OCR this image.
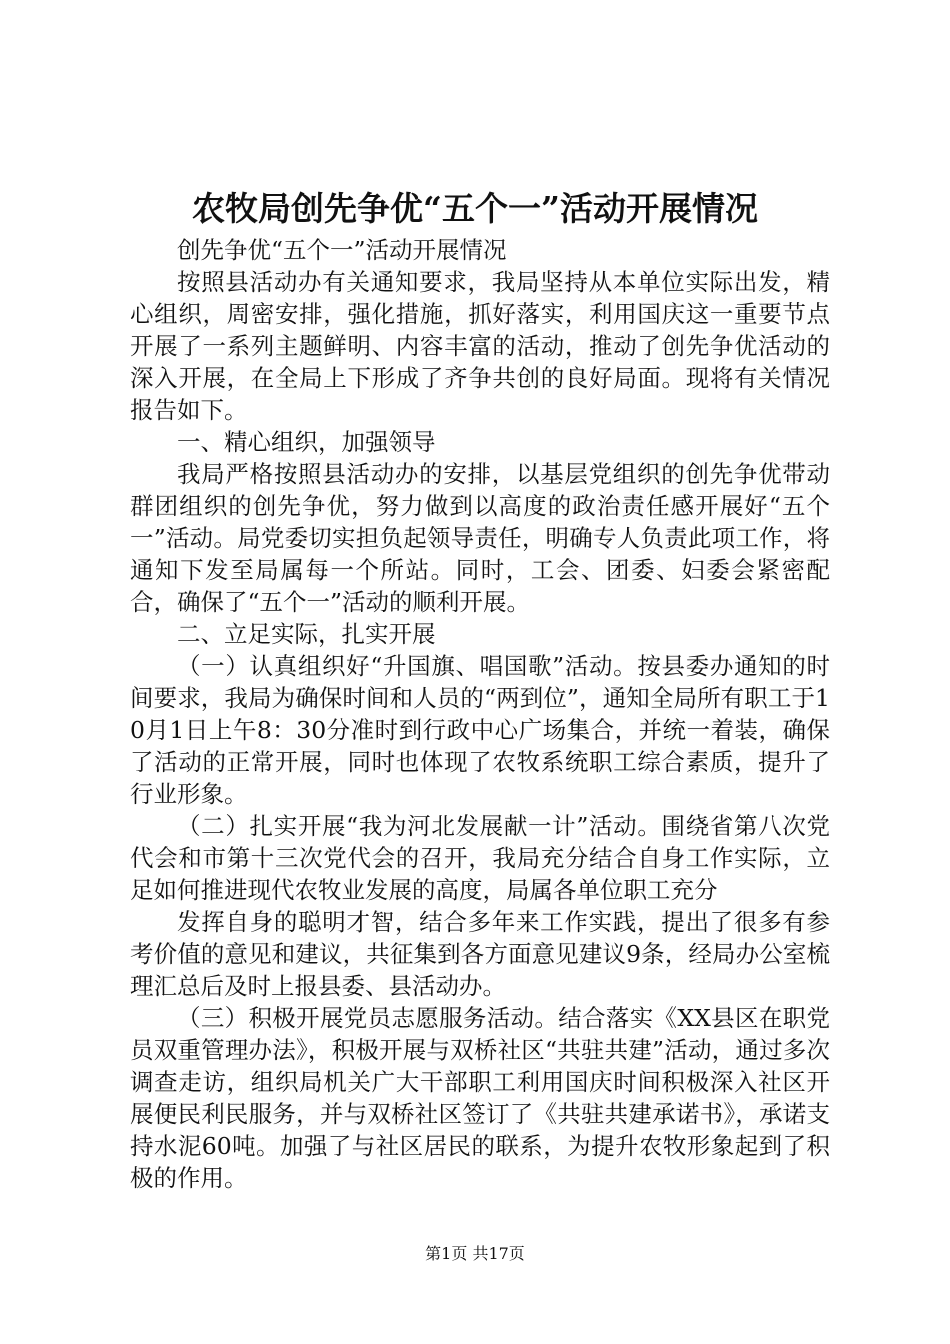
农牧局创先争优“五个一”活动开展情况

创先争优“五个一”活动开展情况

按照县活动办有关通知要求，我局坚持从本单位实际出发，精心组织，周密安排，强化措施，抓好落实，利用国庆这一重要节点开展了一系列主题鲜明、内容丰富的活动，推动了创先争优活动的深入开展，在全局上下形成了齐争共创的良好局面。现将有关情况报告如下。

一、精心组织，加强领导

我局严格按照县活动办的安排，以基层党组织的创先争优带动群团组织的创先争优，努力做到以高度的政治责任感开展好“五个一”活动。局党委切实担负起领导责任，明确专人负责此项工作，将通知下发至局属每一个所站。同时，工会、团委、妇委会紧密配合，确保了“五个一”活动的顺利开展。

二、立足实际，扎实开展

（一）认真组织好“升国旗、唱国歌”活动。按县委办通知的时间要求，我局为确保时间和人员的“两到位”，通知全局所有职工于10月1日上午8：30分准时到行政中心广场集合，并统一着装，确保了活动的正常开展，同时也体现了农牧系统职工综合素质，提升了行业形象。

（二）扎实开展“我为河北发展献一计”活动。围绕省第八次党代会和市第十三次党代会的召开，我局充分结合自身工作实际，立足如何推进现代农牧业发展的高度，局属各单位职工充分

发挥自身的聪明才智，结合多年来工作实践，提出了很多有参考价值的意见和建议，共征集到各方面意见建议9条，经局办公室梳理汇总后及时上报县委、县活动办。

（三）积极开展党员志愿服务活动。结合落实《XX县区在职党员双重管理办法》，积极开展与双桥社区“共驻共建”活动，通过多次调查走访，组织局机关广大干部职工利用国庆时间积极深入社区开展便民利民服务，并与双桥社区签订了《共驻共建承诺书》，承诺支持水泥60吨。加强了与社区居民的联系，为提升农牧形象起到了积极的作用。

第1页 共17页
